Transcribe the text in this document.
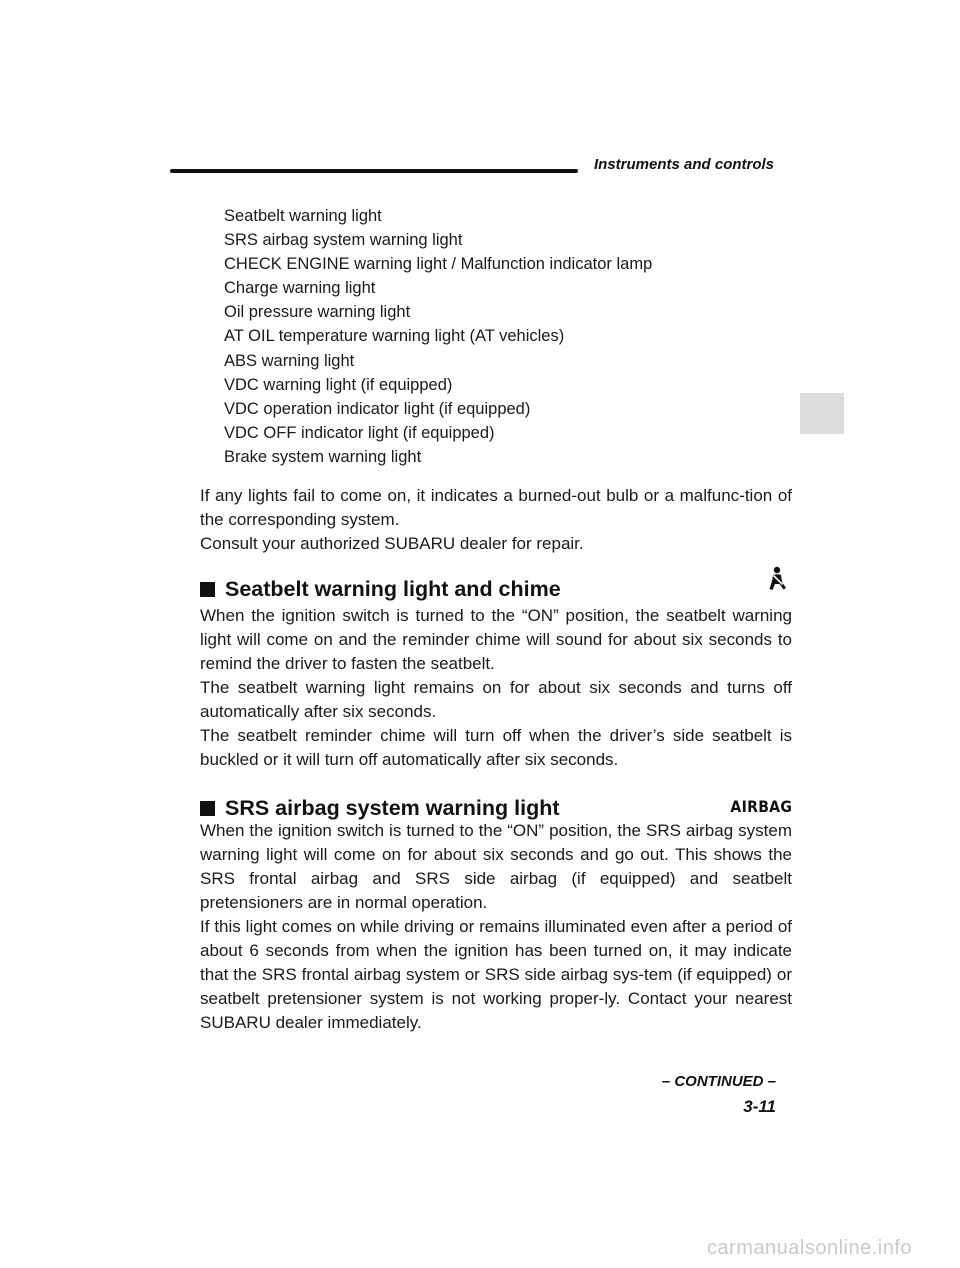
Instruments and controls
Seatbelt warning light
SRS airbag system warning light
CHECK ENGINE warning light / Malfunction indicator lamp
Charge warning light
Oil pressure warning light
AT OIL temperature warning light (AT vehicles)
ABS warning light
VDC warning light (if equipped)
VDC operation indicator light (if equipped)
VDC OFF indicator light (if equipped)
Brake system warning light

If any lights fail to come on, it indicates a burned-out bulb or a malfunc-tion of the corresponding system.

Consult your authorized SUBARU dealer for repair.

Seatbelt warning light and chime

When the ignition switch is turned to the “ON” position, the seatbelt warning light will come on and the reminder chime will sound for about six seconds to remind the driver to fasten the seatbelt.

The seatbelt warning light remains on for about six seconds and turns off automatically after six seconds.

The seatbelt reminder chime will turn off when the driver’s side seatbelt is buckled or it will turn off automatically after six seconds.

SRS airbag system warning light	AIRBAG

When the ignition switch is turned to the “ON” position, the SRS airbag system warning light will come on for about six seconds and go out. This shows the SRS frontal airbag and SRS side airbag (if equipped) and seatbelt pretensioners are in normal operation.

If this light comes on while driving or remains illuminated even after a period of about 6 seconds from when the ignition has been turned on, it may indicate that the SRS frontal airbag system or SRS side airbag sys-tem (if equipped) or seatbelt pretensioner system is not working proper-ly. Contact your nearest SUBARU dealer immediately.

– CONTINUED –
3-11
carmanualsonline.info
